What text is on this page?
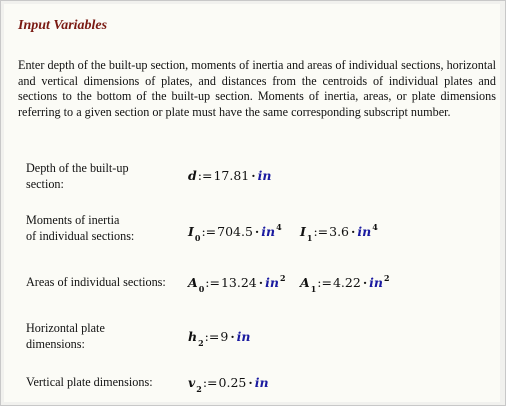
Input Variables
Enter depth of the built-up section, moments of inertia and areas of individual sections, horizontal and vertical dimensions of plates, and distances from the centroids of individual plates and sections to the bottom of the built-up section. Moments of inertia, areas, or plate dimensions referring to a given section or plate must have the same corresponding subscript number.
Depth of the built-up
section:
d:=17.81 · in
Moments of inertia
of individual sections:	$I_0:=704.5 \cdot in^4$ $I_1:=3.6 \cdot in^4$
Areas of individual sections: $A_0:=13.24 \cdot in^2$ $A_1:=4.22 \cdot in^2$
Horizontal plate
dimensions:	$h_2:=9$ · in
Vertical plate dimensions:	$v_2:=0.25$ · in
